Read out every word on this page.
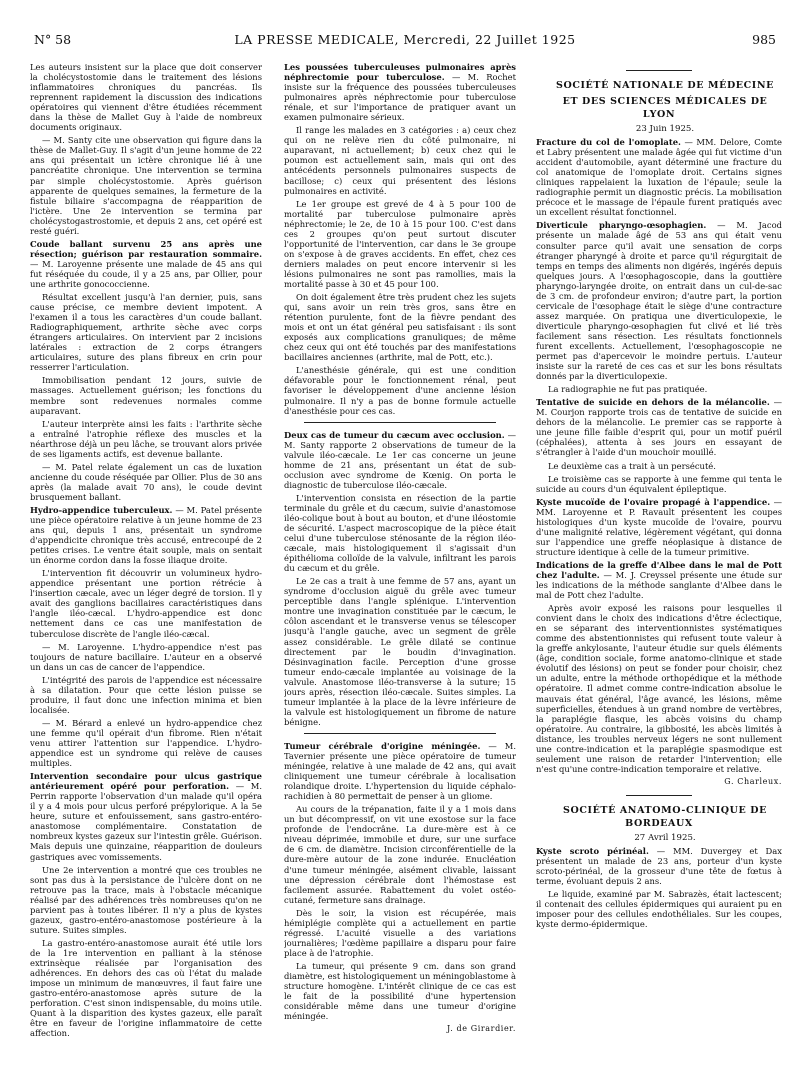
N° 58	LA PRESSE MEDICALE, Mercredi, 22 Juillet 1925	985

Les auteurs insistent sur la place que doit conserver la cholécystostomie dans le traitement des lésions inflammatoires chroniques du pancréas. Ils reprennent rapidement la discussion des indications opératoires qui viennent d'être étudiées récemment dans la thèse de Mallet Guy à l'aide de nombreux documents originaux.

— M. Santy cite une observation qui figure dans la thèse de Mallet-Guy. Il s'agit d'un jeune homme de 22 ans qui présentait un ictère chronique lié à une pancréatite chronique. Une intervention se termina par simple cholécystostomie. Après guérison apparente de quelques semaines, la fermeture de la fistule biliaire s'accompagna de réapparition de l'ictère. Une 2e intervention se termina par cholécystogastrostomie, et depuis 2 ans, cet opéré est resté guéri.

Coude ballant survenu 25 ans après une résection; guérison par restauration sommaire. — M. Laroyenne présente une malade de 45 ans qui fut réséquée du coude, il y a 25 ans, par Ollier, pour une arthrite gonococcienne.

Résultat excellent jusqu'à l'an dernier, puis, sans cause précise, ce membre devient impotent. A l'examen il a tous les caractères d'un coude ballant. Radiographiquement, arthrite sèche avec corps étrangers articulaires. On intervient par 2 incisions latérales : extraction de 2 corps étrangers articulaires, suture des plans fibreux en crin pour resserrer l'articulation.

Immobilisation pendant 12 jours, suivie de massages. Actuellement guérison; les fonctions du membre sont redevenues normales comme auparavant.

L'auteur interprète ainsi les faits : l'arthrite sèche a entraîné l'atrophie réflexe des muscles et la néarthrose déjà un peu lâche, se trouvant alors privée de ses ligaments actifs, est devenue ballante.

— M. Patel relate également un cas de luxation ancienne du coude réséquée par Ollier. Plus de 30 ans après (la malade avait 70 ans), le coude devint brusquement ballant.

Hydro-appendice tuberculeux. — M. Patel présente une pièce opératoire relative à un jeune homme de 23 ans qui, depuis 1 ans, présentait un syndrome d'appendicite chronique très accusé, entrecoupé de 2 petites crises. Le ventre était souple, mais on sentait un énorme cordon dans la fosse iliaque droite.

L'intervention fit découvrir un volumineux hydro-appendice présentant une portion rétrécie à l'insertion cæcale, avec un léger degré de torsion. Il y avait des ganglions bacillaires caractéristiques dans l'angle iléo-cæcal. L'hydro-appendice est donc nettement dans ce cas une manifestation de tuberculose discrète de l'angle iléo-cæcal.

— M. Laroyenne. L'hydro-appendice n'est pas toujours de nature bacillaire. L'auteur en a observé un dans un cas de cancer de l'appendice.

L'intégrité des parois de l'appendice est nécessaire à sa dilatation. Pour que cette lésion puisse se produire, il faut donc une infection minima et bien localisée.

— M. Bérard a enlevé un hydro-appendice chez une femme qu'il opérait d'un fibrome. Rien n'était venu attirer l'attention sur l'appendice. L'hydro-appendice est un syndrome qui relève de causes multiples.

Intervention secondaire pour ulcus gastrique antérieurement opéré pour perforation. — M. Perrin rapporte l'observation d'un malade qu'il opéra il y a 4 mois pour ulcus perforé prépylorique. A la 5e heure, suture et enfouissement, sans gastro-entéro-anastomose complémentaire. Constatation de nombreux kystes gazeux sur l'intestin grêle. Guérison. Mais depuis une quinzaine, réapparition de douleurs gastriques avec vomissements.

Une 2e intervention a montré que ces troubles ne sont pas dus à la persistance de l'ulcère dont on ne retrouve pas la trace, mais à l'obstacle mécanique réalisé par des adhérences très nombreuses qu'on ne parvient pas à toutes libérer. Il n'y a plus de kystes gazeux, gastro-entéro-anastomose postérieure à la suture. Suites simples.

La gastro-entéro-anastomose aurait été utile lors de la 1re intervention en palliant à la sténose extrinsèque réalisée par l'organisation des adhérences. En dehors des cas où l'état du malade impose un minimum de manœuvres, il faut faire une gastro-entéro-anastomose après suture de la perforation. C'est sinon indispensable, du moins utile. Quant à la disparition des kystes gazeux, elle paraît être en faveur de l'origine inflammatoire de cette affection.

Les poussées tuberculeuses pulmonaires après néphrectomie pour tuberculose. — M. Rochet insiste sur la fréquence des poussées tuberculeuses pulmonaires après néphrectomie pour tuberculose rénale, et sur l'importance de pratiquer avant un examen pulmonaire sérieux.

Il range les malades en 3 catégories : a) ceux chez qui on ne relève rien du côté pulmonaire, ni auparavant, ni actuellement; b) ceux chez qui le poumon est actuellement sain, mais qui ont des antécédents personnels pulmonaires suspects de bacillose; c) ceux qui présentent des lésions pulmonaires en activité.

Le 1er groupe est grevé de 4 à 5 pour 100 de mortalité par tuberculose pulmonaire après néphrectomie; le 2e, de 10 à 15 pour 100. C'est dans ces 2 groupes qu'on peut surtout discuter l'opportunité de l'intervention, car dans le 3e groupe on s'expose à de graves accidents. En effet, chez ces derniers malades on peut encore intervenir si les lésions pulmonaires ne sont pas ramollies, mais la mortalité passe à 30 et 45 pour 100.

On doit également être très prudent chez les sujets qui, sans avoir un rein très gros, sans être en rétention purulente, font de la fièvre pendant des mois et ont un état général peu satisfaisant : ils sont exposés aux complications granuliques; de même chez ceux qui ont été touchés par des manifestations bacillaires anciennes (arthrite, mal de Pott, etc.).

L'anesthésie générale, qui est une condition défavorable pour le fonctionnement rénal, peut favoriser le développement d'une ancienne lésion pulmonaire. Il n'y a pas de bonne formule actuelle d'anesthésie pour ces cas.

Deux cas de tumeur du cæcum avec occlusion. — M. Santy rapporte 2 observations de tumeur de la valvule iléo-cæcale. Le 1er cas concerne un jeune homme de 21 ans, présentant un état de sub-occlusion avec syndrome de Kœnig. On porta le diagnostic de tuberculose iléo-cæcale.

L'intervention consista en résection de la partie terminale du grêle et du cæcum, suivie d'anastomose iléo-colique bout à bout au bouton, et d'une iléostomie de sécurité. L'aspect macroscopique de la pièce était celui d'une tuberculose sténosante de la région iléo-cæcale, mais histologiquement il s'agissait d'un épithélioma colloïde de la valvule, infiltrant les parois du cæcum et du grêle.

Le 2e cas a trait à une femme de 57 ans, ayant un syndrome d'occlusion aiguë du grêle avec tumeur perceptible dans l'angle splénique. L'intervention montre une invagination constituée par le cæcum, le côlon ascendant et le transverse venus se télescoper jusqu'à l'angle gauche, avec un segment de grêle assez considérable. Le grêle dilaté se continue directement par le boudin d'invagination. Désinvagination facile. Perception d'une grosse tumeur endo-cæcale implantée au voisinage de la valvule. Anastomose iléo-transverse à la suture; 15 jours après, résection iléo-cæcale. Suites simples. La tumeur implantée à la place de la lèvre inférieure de la valvule est histologiquement un fibrome de nature bénigne.

Tumeur cérébrale d'origine méningée. — M. Tavernier présente une pièce opératoire de tumeur méningée, relative à une malade de 42 ans, qui avait cliniquement une tumeur cérébrale à localisation rolandique droite. L'hypertension du liquide céphalo-rachidien à 80 permettait de penser à un gliome.

Au cours de la trépanation, faite il y a 1 mois dans un but décompressif, on vit une exostose sur la face profonde de l'endocrâne. La dure-mère est à ce niveau déprimée, immobile et dure, sur une surface de 6 cm. de diamètre. Incision circonférentielle de la dure-mère autour de la zone indurée. Enucléation d'une tumeur méningée, aisément clivable, laissant une dépression cérébrale dont l'hémostase est facilement assurée. Rabattement du volet ostéo-cutané, fermeture sans drainage.

Dès le soir, la vision est récupérée, mais hémiplégie complète qui a actuellement en partie régressé. L'acuité visuelle a des variations journalières; l'œdème papillaire a disparu pour faire place à de l'atrophie.

La tumeur, qui présente 9 cm. dans son grand diamètre, est histologiquement un méningoblastome à structure homogène. L'intérêt clinique de ce cas est le fait de la possibilité d'une hypertension considérable même dans une tumeur d'origine méningée.

J. de Girardier.

SOCIÉTÉ NATIONALE DE MÉDECINE

ET DES SCIENCES MÉDICALES DE LYON

23 Juin 1925.

Fracture du col de l'omoplate. — MM. Delore, Comte et Labry présentent une malade âgée qui fut victime d'un accident d'automobile, ayant déterminé une fracture du col anatomique de l'omoplate droit. Certains signes cliniques rappelaient la luxation de l'épaule; seule la radiographie permit un diagnostic précis. La mobilisation précoce et le massage de l'épaule furent pratiqués avec un excellent résultat fonctionnel.

Diverticule pharyngo-œsophagien. — M. Jacod présente un malade âgé de 53 ans qui était venu consulter parce qu'il avait une sensation de corps étranger pharyngé à droite et parce qu'il régurgitait de temps en temps des aliments non digérés, ingérés depuis quelques jours. A l'œsophagoscopie, dans la gouttière pharyngo-laryngée droite, on entrait dans un cul-de-sac de 3 cm. de profondeur environ; d'autre part, la portion cervicale de l'œsophage était le siège d'une contracture assez marquée. On pratiqua une diverticulopexie, le diverticule pharyngo-œsophagien fut clivé et lié très facilement sans résection. Les résultats fonctionnels furent excellents. Actuellement, l'œsophagoscopie ne permet pas d'apercevoir le moindre pertuis. L'auteur insiste sur la rareté de ces cas et sur les bons résultats donnés par la diverticulopexie.

La radiographie ne fut pas pratiquée.

Tentative de suicide en dehors de la mélancolie. — M. Courjon rapporte trois cas de tentative de suicide en dehors de la mélancolie. Le premier cas se rapporte à une jeune fille faible d'esprit qui, pour un motif puéril (céphalées), attenta à ses jours en essayant de s'étrangler à l'aide d'un mouchoir mouillé.

Le deuxième cas a trait à un persécuté.

Le troisième cas se rapporte à une femme qui tenta le suicide au cours d'un équivalent épileptique.

Kyste mucoïde de l'ovaire propagé à l'appendice. — MM. Laroyenne et P. Ravault présentent les coupes histologiques d'un kyste mucoïde de l'ovaire, pourvu d'une malignité relative, légèrement végétant, qui donna sur l'appendice une greffe néoplasique à distance de structure identique à celle de la tumeur primitive.

Indications de la greffe d'Albee dans le mal de Pott chez l'adulte. — M. J. Creyssel présente une étude sur les indications de la méthode sanglante d'Albee dans le mal de Pott chez l'adulte.

Après avoir exposé les raisons pour lesquelles il convient dans le choix des indications d'être éclectique, en se séparant des interventionnistes systématiques comme des abstentionnistes qui refusent toute valeur à la greffe ankylosante, l'auteur étudie sur quels éléments (âge, condition sociale, forme anatomo-clinique et stade évolutif des lésions) on peut se fonder pour choisir, chez un adulte, entre la méthode orthopédique et la méthode opératoire. Il admet comme contre-indication absolue le mauvais état général, l'âge avancé, les lésions, même superficielles, étendues à un grand nombre de vertèbres, la paraplégie flasque, les abcès voisins du champ opératoire. Au contraire, la gibbosité, les abcès limités à distance, les troubles nerveux légers ne sont nullement une contre-indication et la paraplégie spasmodique est seulement une raison de retarder l'intervention; elle n'est qu'une contre-indication temporaire et relative.

G. Charleux.

SOCIÉTÉ ANATOMO-CLINIQUE DE BORDEAUX

27 Avril 1925.

Kyste scroto périnéal. — MM. Duvergey et Dax présentent un malade de 23 ans, porteur d'un kyste scroto-périnéal, de la grosseur d'une tête de fœtus à terme, évoluant depuis 2 ans.

Le liquide, examiné par M. Sabrazès, était lactescent; il contenait des cellules épidermiques qui auraient pu en imposer pour des cellules endothéliales. Sur les coupes, kyste dermo-épidermique.
